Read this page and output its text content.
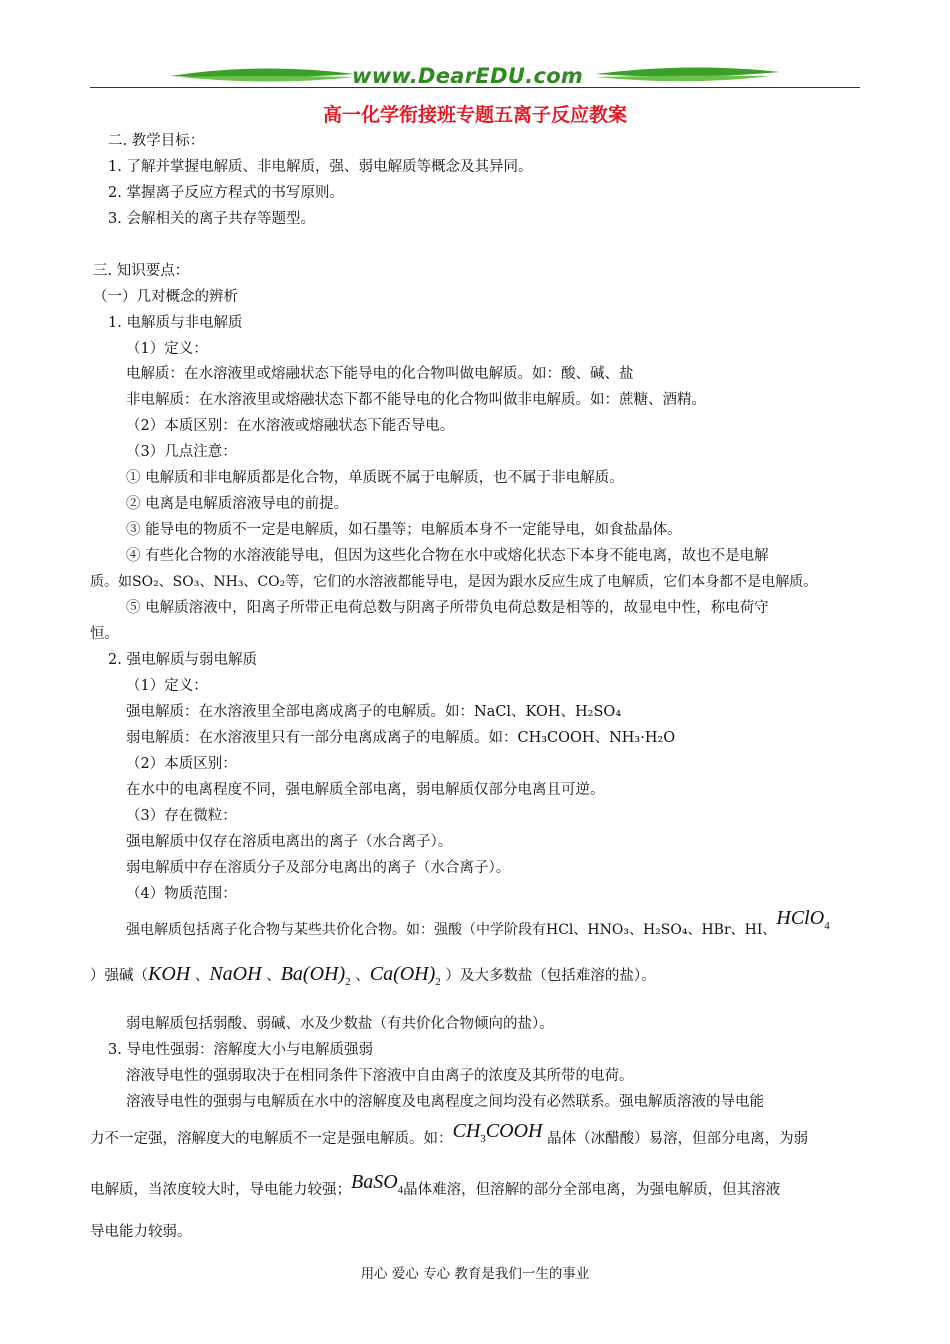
www.DearEDU.com
高一化学衔接班专题五离子反应教案
二. 教学目标：
1. 了解并掌握电解质、非电解质，强、弱电解质等概念及其异同。
2. 掌握离子反应方程式的书写原则。
3. 会解相关的离子共存等题型。
三. 知识要点：
（一）几对概念的辨析
1. 电解质与非电解质
（1）定义：
电解质：在水溶液里或熔融状态下能导电的化合物叫做电解质。如：酸、碱、盐
非电解质：在水溶液里或熔融状态下都不能导电的化合物叫做非电解质。如：蔗糖、酒精。
（2）本质区别：在水溶液或熔融状态下能否导电。
（3）几点注意：
① 电解质和非电解质都是化合物，单质既不属于电解质，也不属于非电解质。
② 电离是电解质溶液导电的前提。
③ 能导电的物质不一定是电解质，如石墨等；电解质本身不一定能导电，如食盐晶体。
④ 有些化合物的水溶液能导电，但因为这些化合物在水中或熔化状态下本身不能电离，故也不是电解
质。如SO₂、SO₃、NH₃、CO₂等，它们的水溶液都能导电，是因为跟水反应生成了电解质，它们本身都不是电解质。
⑤ 电解质溶液中，阳离子所带正电荷总数与阴离子所带负电荷总数是相等的，故显电中性，称电荷守
恒。
2. 强电解质与弱电解质
（1）定义：
强电解质：在水溶液里全部电离成离子的电解质。如：NaCl、KOH、H₂SO₄
弱电解质：在水溶液里只有一部分电离成离子的电解质。如：CH₃COOH、NH₃·H₂O
（2）本质区别：
在水中的电离程度不同，强电解质全部电离，弱电解质仅部分电离且可逆。
（3）存在微粒：
强电解质中仅存在溶质电离出的离子（水合离子）。
弱电解质中存在溶质分子及部分电离出的离子（水合离子）。
（4）物质范围：
强电解质包括离子化合物与某些共价化合物。如：强酸（中学阶段有HCl、HNO₃、H₂SO₄、HBr、HI、HClO$_4$
）强碱（KOH 、NaOH 、$Ba(OH)_2$ 、$Ca(OH)_2$ ）及大多数盐（包括难溶的盐）。
弱电解质包括弱酸、弱碱、水及少数盐（有共价化合物倾向的盐）。
3. 导电性强弱：溶解度大小与电解质强弱
溶液导电性的强弱取决于在相同条件下溶液中自由离子的浓度及其所带的电荷。
溶液导电性的强弱与电解质在水中的溶解度及电离程度之间均没有必然联系。强电解质溶液的导电能
力不一定强，溶解度大的电解质不一定是强电解质。如：$CH_3COOH$ 晶体（冰醋酸）易溶，但部分电离，为弱
电解质，当浓度较大时，导电能力较强；BaSO$_4$晶体难溶，但溶解的部分全部电离，为强电解质，但其溶液
导电能力较弱。
用心 爱心 专心 教育是我们一生的事业
